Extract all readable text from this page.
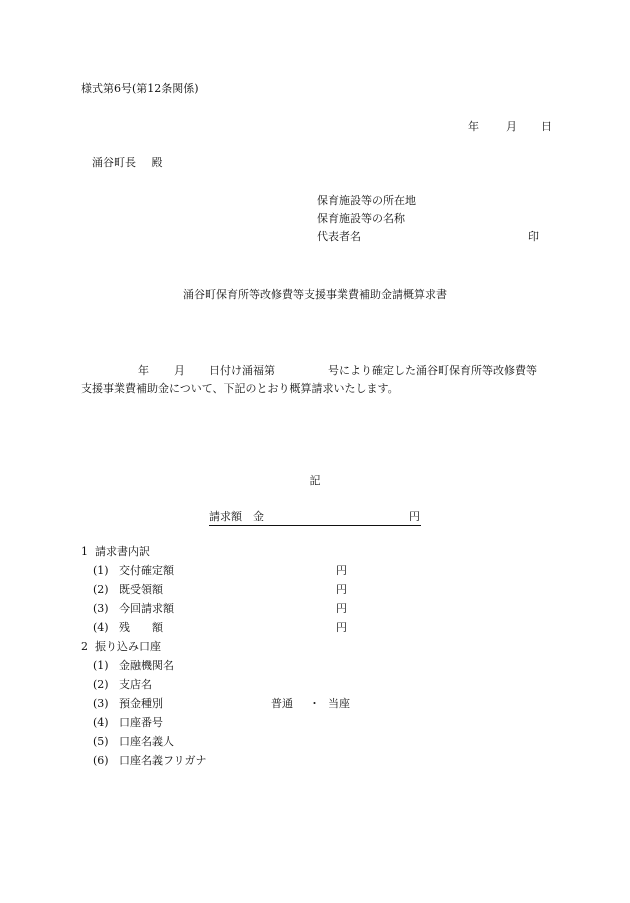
様式第6号(第12条関係)
年 月 日
涌谷町長 殿
保育施設等の所在地
保育施設等の名称
代表者名	印
涌谷町保育所等改修費等支援事業費補助金請概算求書
年 月 日付け涌福第	号により確定した涌谷町保育所等改修費等
支援事業費補助金について、下記のとおり概算請求いたします。
記
請求額　金	円
1 請求書内訳
(1) 交付確定額	円
(2) 既受領額	円
(3) 今回請求額	円
(4) 残　　額	円
2 振り込み口座
(1) 金融機関名
(2) 支店名
(3) 預金種別	普通 ・ 当座
(4) 口座番号
(5) 口座名義人
(6) 口座名義フリガナ
